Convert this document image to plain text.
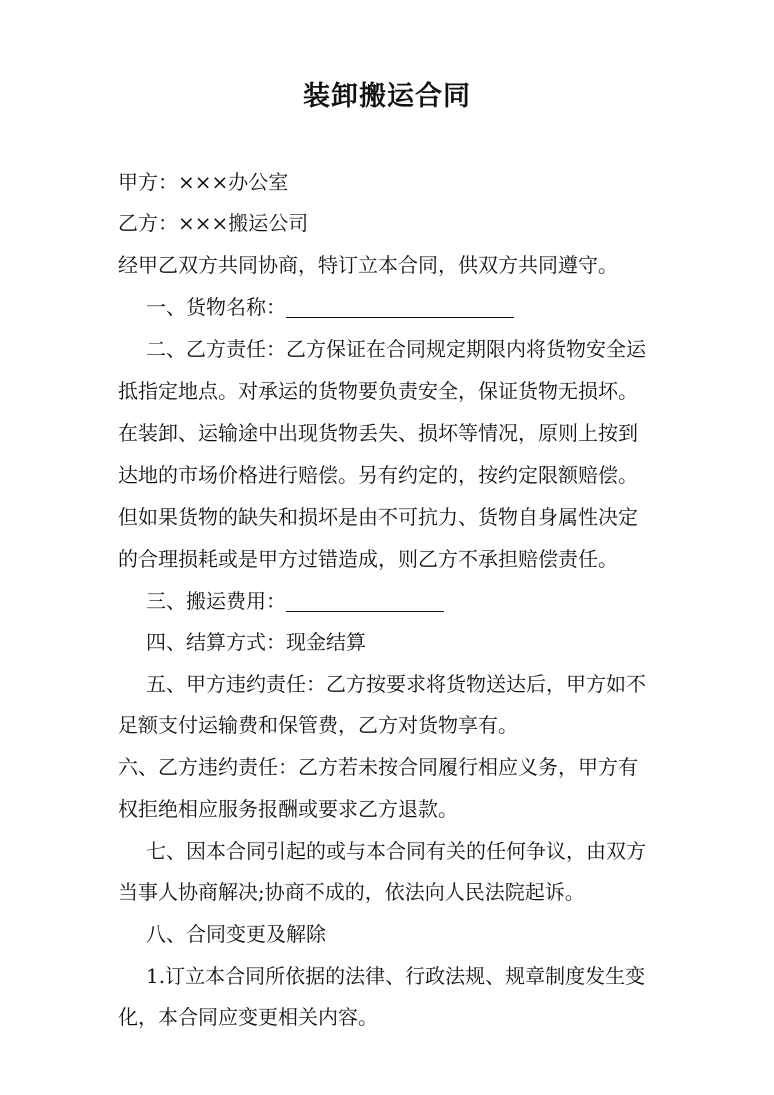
装卸搬运合同
甲方：×××办公室
乙方：×××搬运公司
经甲乙双方共同协商，特订立本合同，供双方共同遵守。
一、货物名称：
二、乙方责任：乙方保证在合同规定期限内将货物安全运
抵指定地点。对承运的货物要负责安全，保证货物无损坏。
在装卸、运输途中出现货物丢失、损坏等情况，原则上按到
达地的市场价格进行赔偿。另有约定的，按约定限额赔偿。
但如果货物的缺失和损坏是由不可抗力、货物自身属性决定
的合理损耗或是甲方过错造成，则乙方不承担赔偿责任。
三、搬运费用：
四、结算方式：现金结算
五、甲方违约责任：乙方按要求将货物送达后，甲方如不
足额支付运输费和保管费，乙方对货物享有。
六、乙方违约责任：乙方若未按合同履行相应义务，甲方有
权拒绝相应服务报酬或要求乙方退款。
七、因本合同引起的或与本合同有关的任何争议，由双方
当事人协商解决;协商不成的，依法向人民法院起诉。
八、合同变更及解除
1.订立本合同所依据的法律、行政法规、规章制度发生变
化，本合同应变更相关内容。
